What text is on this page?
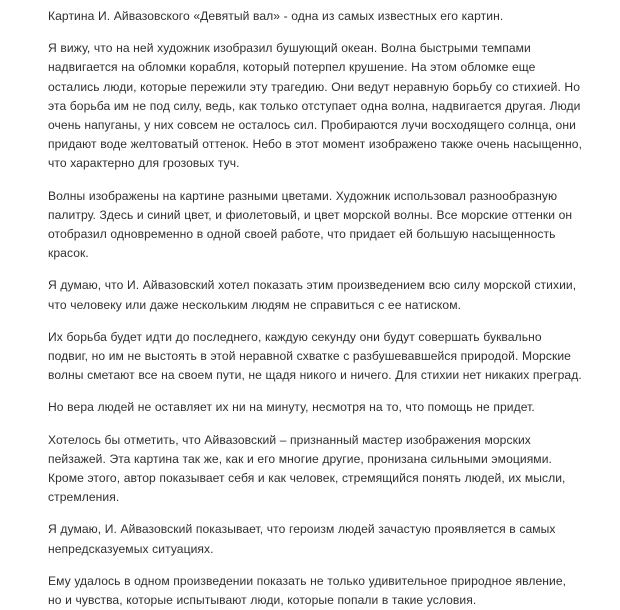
Картина И. Айвазовского «Девятый вал» - одна из самых известных его картин.

Я вижу, что на ней художник изобразил бушующий океан. Волна быстрыми темпами надвигается на обломки корабля, который потерпел крушение. На этом обломке еще остались люди, которые пережили эту трагедию. Они ведут неравную борьбу со стихией. Но эта борьба им не под силу, ведь, как только отступает одна волна, надвигается другая. Люди очень напуганы, у них совсем не осталось сил. Пробираются лучи восходящего солнца, они придают воде желтоватый оттенок. Небо в этот момент изображено также очень насыщенно, что характерно для грозовых туч.

Волны изображены на картине разными цветами. Художник использовал разнообразную палитру. Здесь и синий цвет, и фиолетовый, и цвет морской волны. Все морские оттенки он отобразил одновременно в одной своей работе, что придает ей большую насыщенность красок.

Я думаю, что И. Айвазовский хотел показать этим произведением всю силу морской стихии, что человеку или даже нескольким людям не справиться с ее натиском.

Их борьба будет идти до последнего, каждую секунду они будут совершать буквально подвиг, но им не выстоять в этой неравной схватке с разбушевавшейся природой. Морские волны сметают все на своем пути, не щадя никого и ничего. Для стихии нет никаких преград.

Но вера людей не оставляет их ни на минуту, несмотря на то, что помощь не придет.

Хотелось бы отметить, что Айвазовский – признанный мастер изображения морских пейзажей. Эта картина так же, как и его многие другие, пронизана сильными эмоциями. Кроме этого, автор показывает себя и как человек, стремящийся понять людей, их мысли, стремления.

Я думаю, И. Айвазовский показывает, что героизм людей зачастую проявляется в самых непредсказуемых ситуациях.

Ему удалось в одном произведении показать не только удивительное природное явление, но и чувства, которые испытывают люди, которые попали в такие условия.
